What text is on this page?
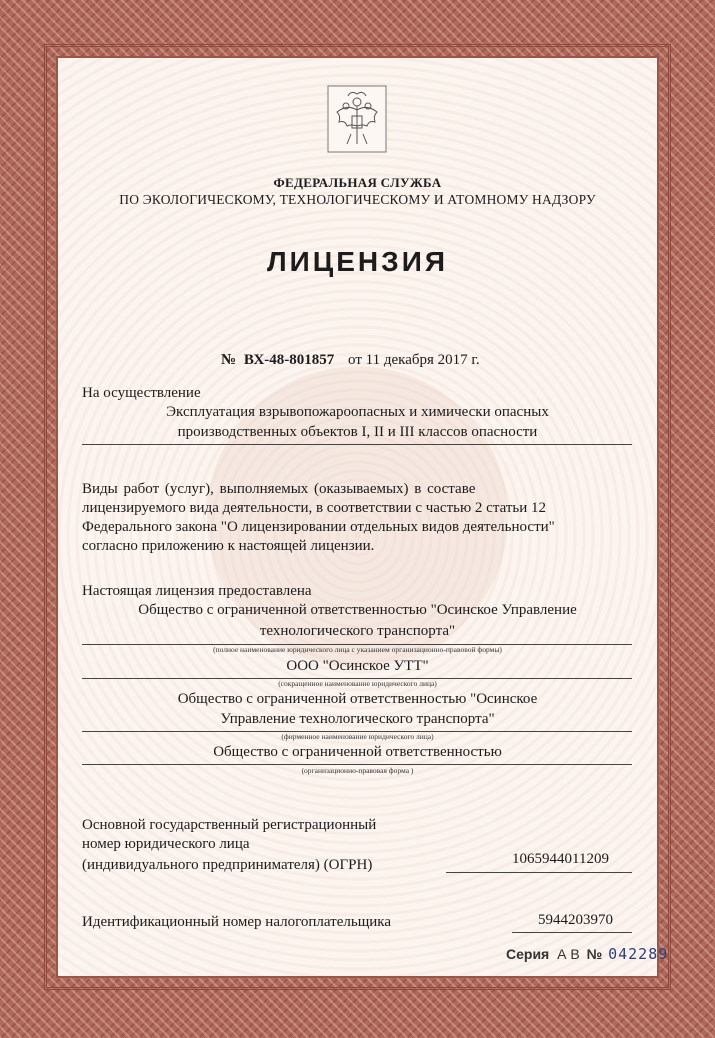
ФЕДЕРАЛЬНАЯ СЛУЖБА
ПО ЭКОЛОГИЧЕСКОМУ, ТЕХНОЛОГИЧЕСКОМУ И АТОМНОМУ НАДЗОРУ
ЛИЦЕНЗИЯ
№ ВХ-48-801857 от 11 декабря 2017 г.
На осуществление
Эксплуатация взрывопожароопасных и химически опасных
производственных объектов I, II и III классов опасности
Виды работ (услуг), выполняемых (оказываемых) в составе
лицензируемого вида деятельности, в соответствии с частью 2 статьи 12
Федерального закона "О лицензировании отдельных видов деятельности"
согласно приложению к настоящей лицензии.
Настоящая лицензия предоставлена
Общество с ограниченной ответственностью "Осинское Управление
технологического транспорта"
(полное наименование юридического лица с указанием организационно-правовой формы)
ООО "Осинское УТТ"
(сокращенное наименование юридического лица)
Общество с ограниченной ответственностью "Осинское
Управление технологического транспорта"
(фирменное наименование юридического лица)
Общество с ограниченной ответственностью
(организационно-правовая форма )
Основной государственный регистрационный
номер юридического лица
(индивидуального предпринимателя) (ОГРН)	1065944011209
Идентификационный номер налогоплательщика	5944203970
Серия А В № 042289
